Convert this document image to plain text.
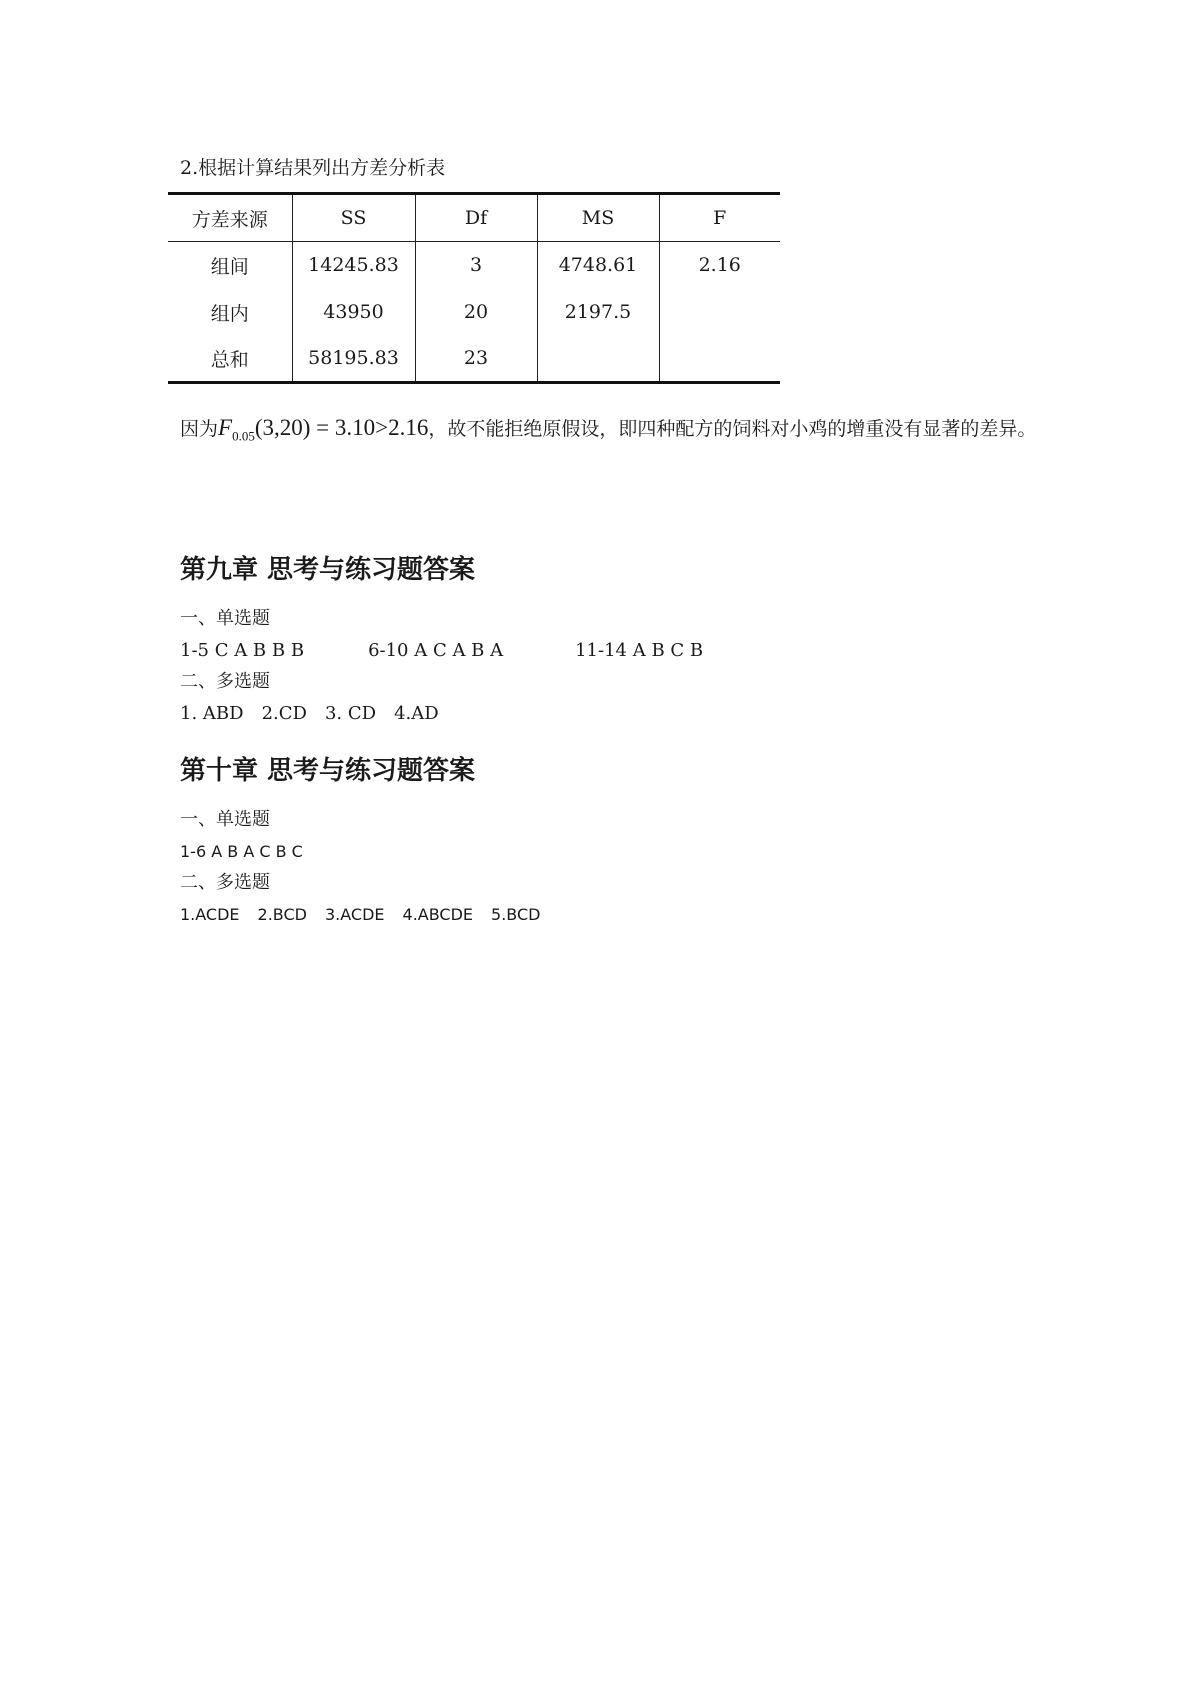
2.根据计算结果列出方差分析表
方差来源	SS	Df	MS	F
组间	14245.83	3	4748.61	2.16
组内	43950	20	2197.5	
总和	58195.83	23		

因为$F_{0.05}(3,20) = 3.10>2.16$，故不能拒绝原假设，即四种配方的饲料对小鸡的增重没有显著的差异。

第九章 思考与练习题答案
一、单选题
1-5 C A B B B	6-10 A C A B A	11-14 A B C B
二、多选题
1. ABD 2.CD 3. CD 4.AD
第十章 思考与练习题答案
一、单选题
1-6 A B A C B C
二、多选题
1.ACDE 2.BCD 3.ACDE 4.ABCDE 5.BCD
